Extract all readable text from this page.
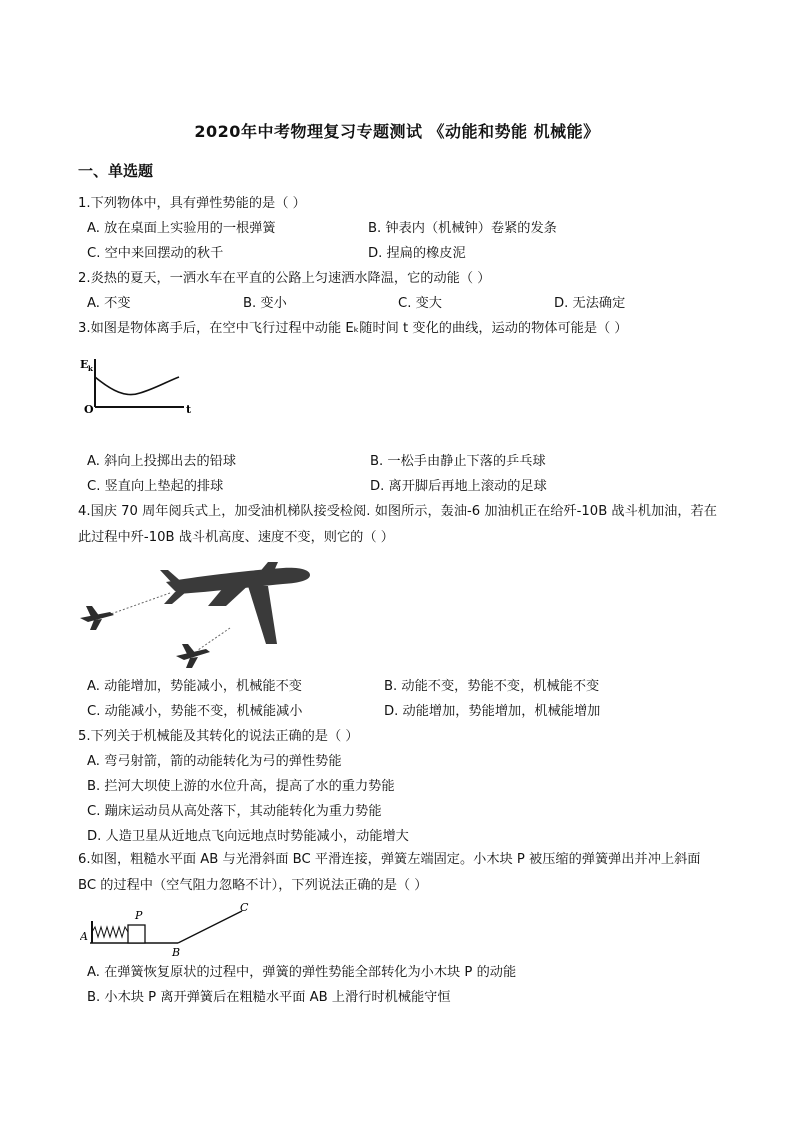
2020年中考物理复习专题测试 《动能和势能 机械能》
一、单选题
1.下列物体中，具有弹性势能的是（ ）
A. 放在桌面上实验用的一根弹簧	B. 钟表内（机械钟）卷紧的发条
C. 空中来回摆动的秋千	D. 捏扁的橡皮泥
2.炎热的夏天，一洒水车在平直的公路上匀速洒水降温，它的动能（ ）
A. 不变	B. 变小	C. 变大	D. 无法确定
3.如图是物体离手后，在空中飞行过程中动能 Eₖ随时间 t 变化的曲线，运动的物体可能是（ ）
E k
O	t
A. 斜向上投掷出去的铅球	B. 一松手由静止下落的乒乓球
C. 竖直向上垫起的排球	D. 离开脚后再地上滚动的足球
4.国庆 70 周年阅兵式上，加受油机梯队接受检阅. 如图所示，轰油-6 加油机正在给歼-10B 战斗机加油，若在此过程中歼-10B 战斗机高度、速度不变，则它的（ ）
A. 动能增加，势能减小，机械能不变	B. 动能不变，势能不变，机械能不变
C. 动能减小，势能不变，机械能减小	D. 动能增加，势能增加，机械能增加
5.下列关于机械能及其转化的说法正确的是（ ）
A. 弯弓射箭，箭的动能转化为弓的弹性势能
B. 拦河大坝使上游的水位升高，提高了水的重力势能
C. 蹦床运动员从高处落下，其动能转化为重力势能
D. 人造卫星从近地点飞向远地点时势能减小，动能增大
6.如图，粗糙水平面 AB 与光滑斜面 BC 平滑连接，弹簧左端固定。小木块 P 被压缩的弹簧弹出并冲上斜面 BC 的过程中（空气阻力忽略不计），下列说法正确的是（ ）
A
B
C
P
A. 在弹簧恢复原状的过程中，弹簧的弹性势能全部转化为小木块 P 的动能
B. 小木块 P 离开弹簧后在粗糙水平面 AB 上滑行时机械能守恒
